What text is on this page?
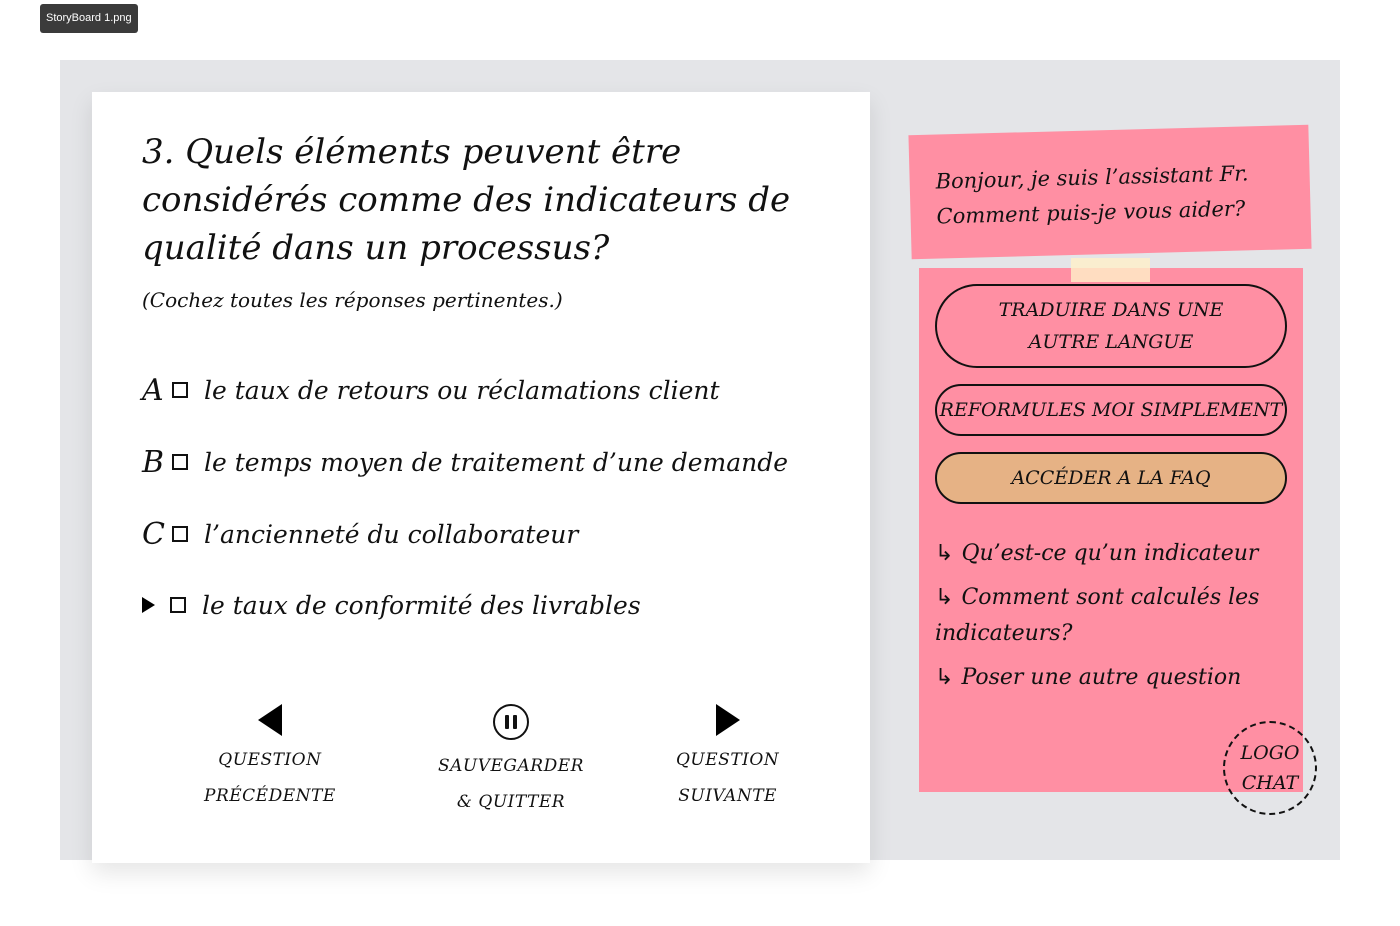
StoryBoard 1.png
3. Quels éléments peuvent être considérés comme des indicateurs de qualité dans un processus?

(Cochez toutes les réponses pertinentes.)

A	le taux de retours ou réclamations client
B	le temps moyen de traitement d’une demande
C l’ancienneté du collaborateur
le taux de conformité des livrables
QUESTION
PRÉCÉDENTE
SAUVEGARDER
& QUITTER
QUESTION
SUIVANTE

Bonjour, je suis l’assistant Fr.
Comment puis-je vous aider?

TRADUIRE DANS UNE AUTRE LANGUE
REFORMULES MOI SIMPLEMENT
ACCÉDER A LA FAQ
↳ Qu’est-ce qu’un indicateur
↳ Comment sont calculés les indicateurs?
↳ Poser une autre question
LOGO
CHAT
